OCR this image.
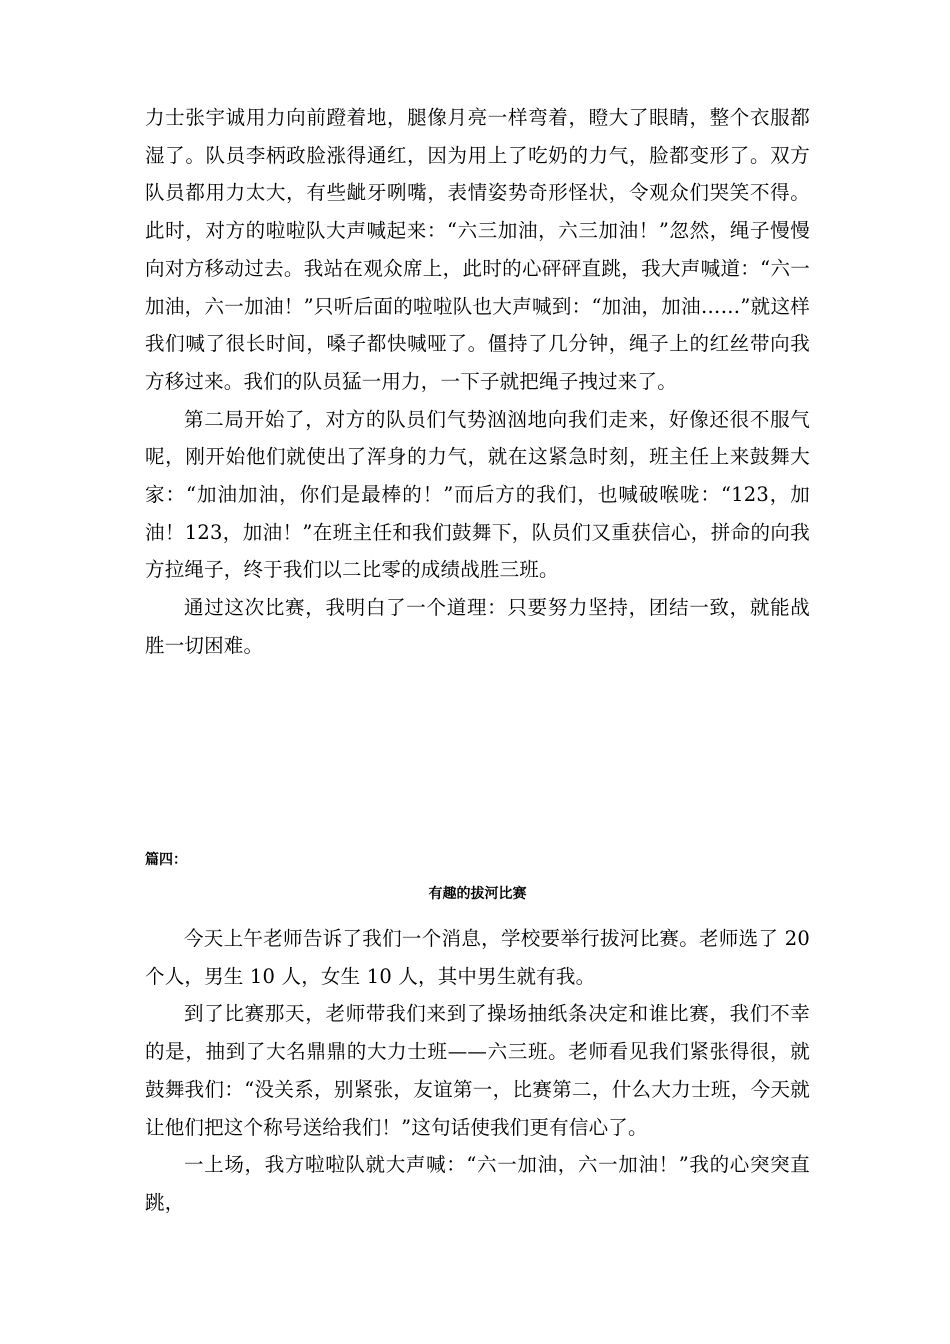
力士张宇诚用力向前蹬着地，腿像月亮一样弯着，瞪大了眼睛，整个衣服都湿了。队员李柄政脸涨得通红，因为用上了吃奶的力气，脸都变形了。双方队员都用力太大，有些龇牙咧嘴，表情姿势奇形怪状，令观众们哭笑不得。此时，对方的啦啦队大声喊起来：“六三加油，六三加油！”忽然，绳子慢慢向对方移动过去。我站在观众席上，此时的心砰砰直跳，我大声喊道：“六一加油，六一加油！”只听后面的啦啦队也大声喊到：“加油，加油……”就这样我们喊了很长时间，嗓子都快喊哑了。僵持了几分钟，绳子上的红丝带向我方移过来。我们的队员猛一用力，一下子就把绳子拽过来了。

第二局开始了，对方的队员们气势汹汹地向我们走来，好像还很不服气呢，刚开始他们就使出了浑身的力气，就在这紧急时刻，班主任上来鼓舞大家：“加油加油，你们是最棒的！”而后方的我们，也喊破喉咙：“123，加油！123，加油！”在班主任和我们鼓舞下，队员们又重获信心，拼命的向我方拉绳子，终于我们以二比零的成绩战胜三班。

通过这次比赛，我明白了一个道理：只要努力坚持，团结一致，就能战胜一切困难。

篇四：

有趣的拔河比赛

今天上午老师告诉了我们一个消息，学校要举行拔河比赛。老师选了 20 个人，男生 10 人，女生 10 人，其中男生就有我。

到了比赛那天，老师带我们来到了操场抽纸条决定和谁比赛，我们不幸的是，抽到了大名鼎鼎的大力士班——六三班。老师看见我们紧张得很，就鼓舞我们：“没关系，别紧张，友谊第一，比赛第二，什么大力士班，今天就让他们把这个称号送给我们！”这句话使我们更有信心了。

一上场，我方啦啦队就大声喊：“六一加油，六一加油！”我的心突突直跳，
